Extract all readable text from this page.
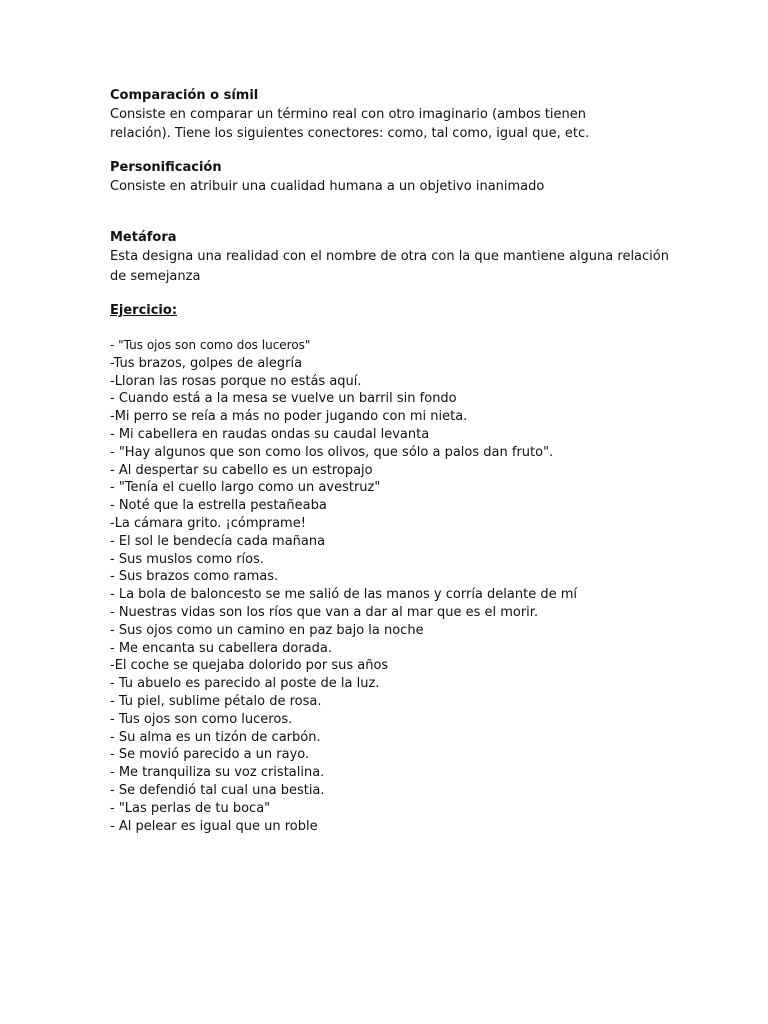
Comparación o símil

Consiste en comparar un término real con otro imaginario (ambos tienen

relación). Tiene los siguientes conectores: como, tal como, igual que, etc.

Personificación

Consiste en atribuir una cualidad humana a un objetivo inanimado

Metáfora

Esta designa una realidad con el nombre de otra con la que mantiene alguna relación

de semejanza

Ejercicio:

- "Tus ojos son como dos luceros"
-Tus brazos, golpes de alegría
-Lloran las rosas porque no estás aquí.
- Cuando está a la mesa se vuelve un barril sin fondo
-Mi perro se reía a más no poder jugando con mi nieta.
- Mi cabellera en raudas ondas su caudal levanta
- "Hay algunos que son como los olivos, que sólo a palos dan fruto".
- Al despertar su cabello es un estropajo
- "Tenía el cuello largo como un avestruz"
- Noté que la estrella pestañeaba
-La cámara grito. ¡cómprame!
- El sol le bendecía cada mañana
- Sus muslos como ríos.
- Sus brazos como ramas.
- La bola de baloncesto se me salió de las manos y corría delante de mí
- Nuestras vidas son los ríos que van a dar al mar que es el morir.
- Sus ojos como un camino en paz bajo la noche
- Me encanta su cabellera dorada.
-El coche se quejaba dolorido por sus años
- Tu abuelo es parecido al poste de la luz.
- Tu piel, sublime pétalo de rosa.
- Tus ojos son como luceros.
- Su alma es un tizón de carbón.
- Se movió parecido a un rayo.
- Me tranquiliza su voz cristalina.
- Se defendió tal cual una bestia.
- "Las perlas de tu boca"
- Al pelear es igual que un roble
